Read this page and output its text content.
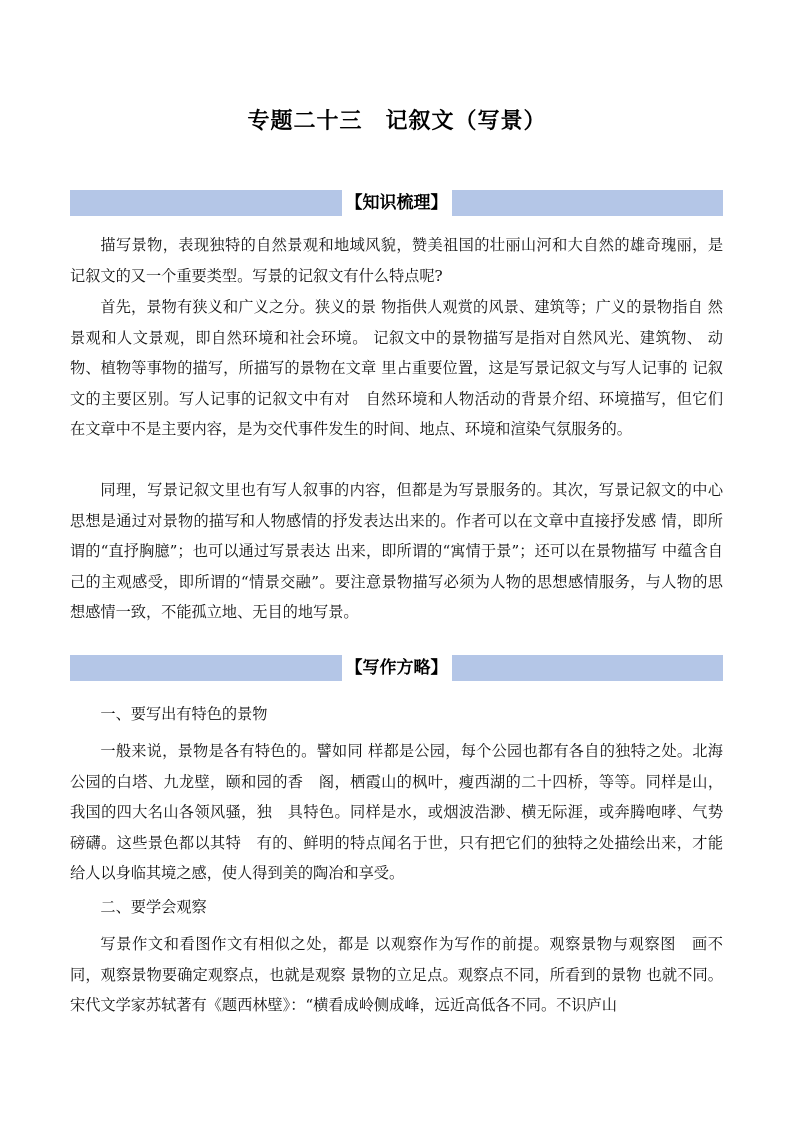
专题二十三　记叙文（写景）
【知识梳理】

描写景物，表现独特的自然景观和地域风貌，赞美祖国的壮丽山河和大自然的雄奇瑰丽，是记叙文的又一个重要类型。写景的记叙文有什么特点呢?

首先，景物有狭义和广义之分。狭义的景 物指供人观赏的风景、建筑等；广义的景物指自 然景观和人文景观，即自然环境和社会环境。 记叙文中的景物描写是指对自然风光、建筑物、 动物、植物等事物的描写，所描写的景物在文章 里占重要位置，这是写景记叙文与写人记事的 记叙文的主要区别。写人记事的记叙文中有对　自然环境和人物活动的背景介绍、环境描写，但它们在文章中不是主要内容，是为交代事件发生的时间、地点、环境和渲染气氛服务的。

同理，写景记叙文里也有写人叙事的内容，但都是为写景服务的。其次，写景记叙文的中心思想是通过对景物的描写和人物感情的抒发表达出来的。作者可以在文章中直接抒发感 情，即所谓的“直抒胸臆”；也可以通过写景表达 出来，即所谓的“寓情于景”；还可以在景物描写 中蕴含自己的主观感受，即所谓的“情景交融”。要注意景物描写必须为人物的思想感情服务，与人物的思想感情一致，不能孤立地、无目的地写景。

【写作方略】

一、要写出有特色的景物

一般来说，景物是各有特色的。譬如同 样都是公园，每个公园也都有各自的独特之处。北海公园的白塔、九龙壁，颐和园的香　阁，栖霞山的枫叶，瘦西湖的二十四桥，等等。同样是山，我国的四大名山各领风骚，独　具特色。同样是水，或烟波浩渺、横无际涯，或奔腾咆哮、气势磅礴。这些景色都以其特　有的、鲜明的特点闻名于世，只有把它们的独特之处描绘出来，才能给人以身临其境之感，使人得到美的陶冶和享受。

二、要学会观察

写景作文和看图作文有相似之处，都是 以观察作为写作的前提。观察景物与观察图　画不同，观察景物要确定观察点，也就是观察 景物的立足点。观察点不同，所看到的景物 也就不同。宋代文学家苏轼著有《题西林壁》：“横看成岭侧成峰，远近高低各不同。不识庐山
